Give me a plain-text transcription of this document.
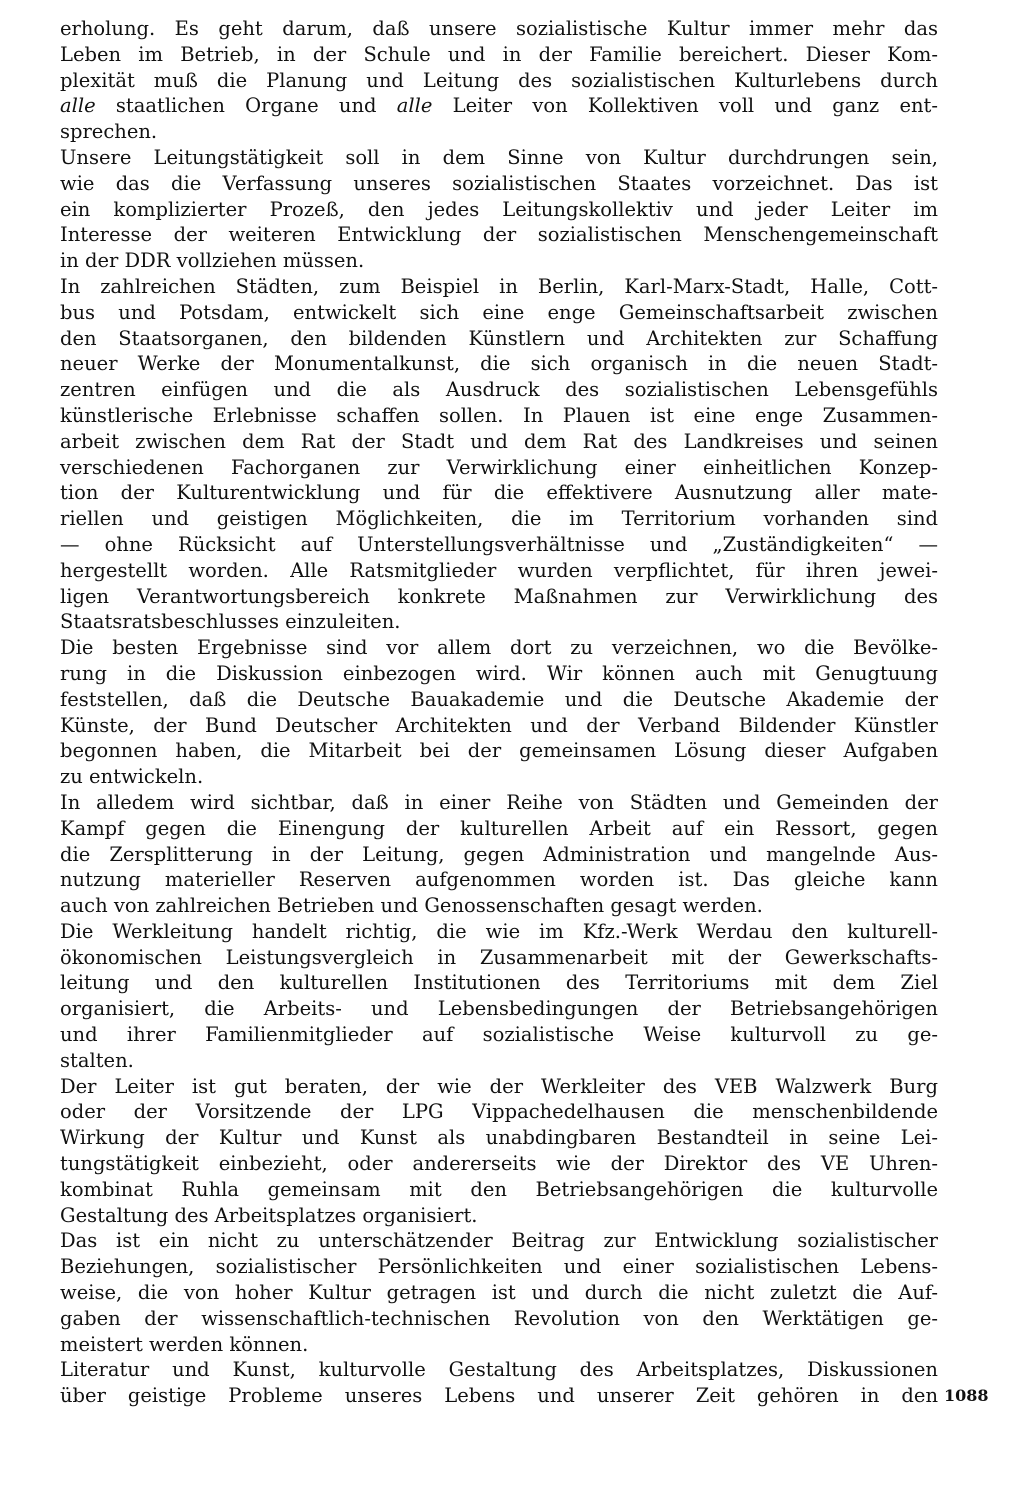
erholung. Es geht darum, daß unsere sozialistische Kultur immer mehr das
Leben im Betrieb, in der Schule und in der Familie bereichert. Dieser Kom-
plexität muß die Planung und Leitung des sozialistischen Kulturlebens durch
alle staatlichen Organe und alle Leiter von Kollektiven voll und ganz ent-
sprechen.
Unsere Leitungstätigkeit soll in dem Sinne von Kultur durchdrungen sein,
wie das die Verfassung unseres sozialistischen Staates vorzeichnet. Das ist
ein komplizierter Prozeß, den jedes Leitungskollektiv und jeder Leiter im
Interesse der weiteren Entwicklung der sozialistischen Menschengemeinschaft
in der DDR vollziehen müssen.
In zahlreichen Städten, zum Beispiel in Berlin, Karl-Marx-Stadt, Halle, Cott-
bus und Potsdam, entwickelt sich eine enge Gemeinschaftsarbeit zwischen
den Staatsorganen, den bildenden Künstlern und Architekten zur Schaffung
neuer Werke der Monumentalkunst, die sich organisch in die neuen Stadt-
zentren einfügen und die als Ausdruck des sozialistischen Lebensgefühls
künstlerische Erlebnisse schaffen sollen. In Plauen ist eine enge Zusammen-
arbeit zwischen dem Rat der Stadt und dem Rat des Landkreises und seinen
verschiedenen Fachorganen zur Verwirklichung einer einheitlichen Konzep-
tion der Kulturentwicklung und für die effektivere Ausnutzung aller mate-
riellen und geistigen Möglichkeiten, die im Territorium vorhanden sind
— ohne Rücksicht auf Unterstellungsverhältnisse und „Zuständigkeiten“ —
hergestellt worden. Alle Ratsmitglieder wurden verpflichtet, für ihren jewei-
ligen Verantwortungsbereich konkrete Maßnahmen zur Verwirklichung des
Staatsratsbeschlusses einzuleiten.
Die besten Ergebnisse sind vor allem dort zu verzeichnen, wo die Bevölke-
rung in die Diskussion einbezogen wird. Wir können auch mit Genugtuung
feststellen, daß die Deutsche Bauakademie und die Deutsche Akademie der
Künste, der Bund Deutscher Architekten und der Verband Bildender Künstler
begonnen haben, die Mitarbeit bei der gemeinsamen Lösung dieser Aufgaben
zu entwickeln.
In alledem wird sichtbar, daß in einer Reihe von Städten und Gemeinden der
Kampf gegen die Einengung der kulturellen Arbeit auf ein Ressort, gegen
die Zersplitterung in der Leitung, gegen Administration und mangelnde Aus-
nutzung materieller Reserven aufgenommen worden ist. Das gleiche kann
auch von zahlreichen Betrieben und Genossenschaften gesagt werden.
Die Werkleitung handelt richtig, die wie im Kfz.-Werk Werdau den kulturell-
ökonomischen Leistungsvergleich in Zusammenarbeit mit der Gewerkschafts-
leitung und den kulturellen Institutionen des Territoriums mit dem Ziel
organisiert, die Arbeits- und Lebensbedingungen der Betriebsangehörigen
und ihrer Familienmitglieder auf sozialistische Weise kulturvoll zu ge-
stalten.
Der Leiter ist gut beraten, der wie der Werkleiter des VEB Walzwerk Burg
oder der Vorsitzende der LPG Vippachedelhausen die menschenbildende
Wirkung der Kultur und Kunst als unabdingbaren Bestandteil in seine Lei-
tungstätigkeit einbezieht, oder andererseits wie der Direktor des VE Uhren-
kombinat Ruhla gemeinsam mit den Betriebsangehörigen die kulturvolle
Gestaltung des Arbeitsplatzes organisiert.
Das ist ein nicht zu unterschätzender Beitrag zur Entwicklung sozialistischer
Beziehungen, sozialistischer Persönlichkeiten und einer sozialistischen Lebens-
weise, die von hoher Kultur getragen ist und durch die nicht zuletzt die Auf-
gaben der wissenschaftlich-technischen Revolution von den Werktätigen ge-
meistert werden können.
Literatur und Kunst, kulturvolle Gestaltung des Arbeitsplatzes, Diskussionen
über geistige Probleme unseres Lebens und unserer Zeit gehören in den 1088
